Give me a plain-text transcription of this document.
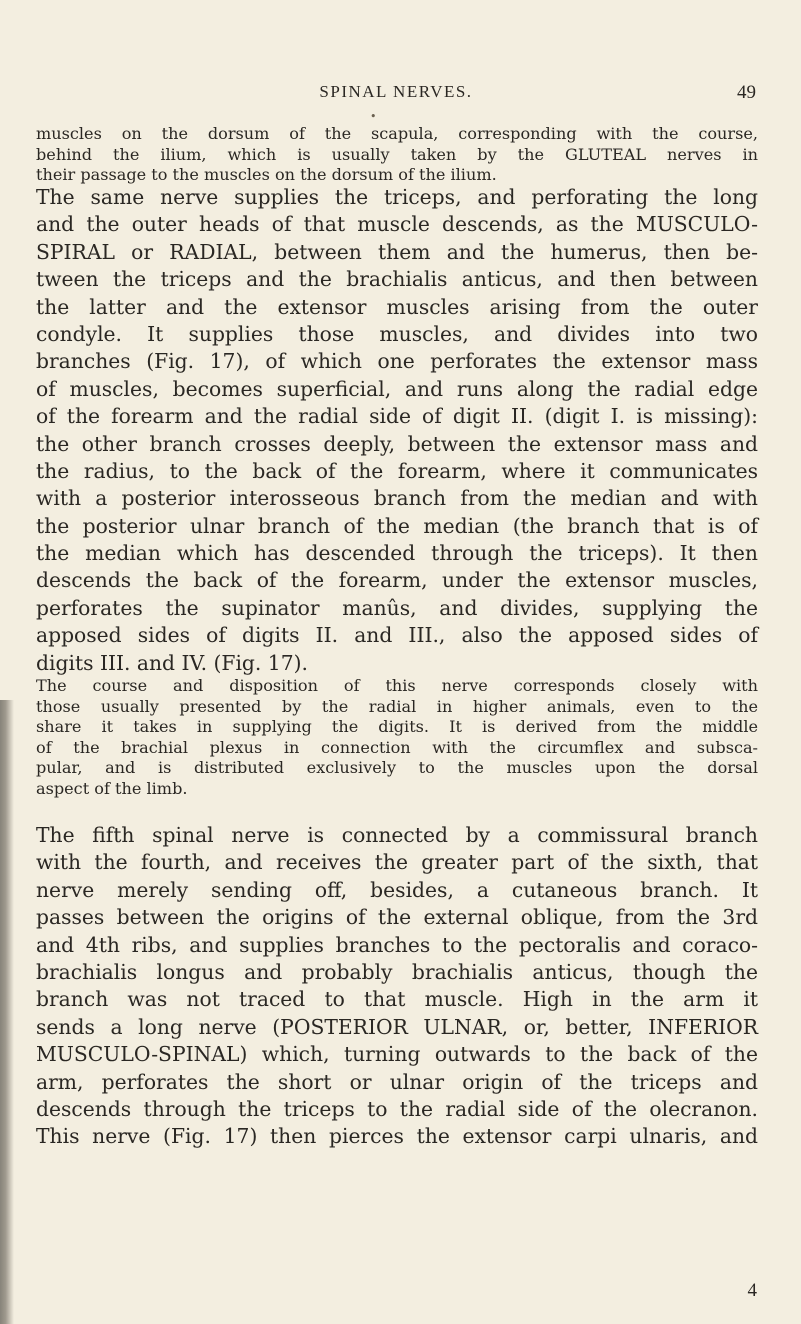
SPINAL NERVES.	49
•
muscles on the dorsum of the scapula, corresponding with the course,
behind the ilium, which is usually taken by the GLUTEAL nerves in
their passage to the muscles on the dorsum of the ilium.
The same nerve supplies the triceps, and perforating the long
and the outer heads of that muscle descends, as the MUSCULO-
SPIRAL or RADIAL, between them and the humerus, then be-
tween the triceps and the brachialis anticus, and then between
the latter and the extensor muscles arising from the outer
condyle. It supplies those muscles, and divides into two
branches (Fig. 17), of which one perforates the extensor mass
of muscles, becomes superficial, and runs along the radial edge
of the forearm and the radial side of digit II. (digit I. is missing):
the other branch crosses deeply, between the extensor mass and
the radius, to the back of the forearm, where it communicates
with a posterior interosseous branch from the median and with
the posterior ulnar branch of the median (the branch that is of
the median which has descended through the triceps). It then
descends the back of the forearm, under the extensor muscles,
perforates the supinator manûs, and divides, supplying the
apposed sides of digits II. and III., also the apposed sides of
digits III. and IV. (Fig. 17).
The course and disposition of this nerve corresponds closely with
those usually presented by the radial in higher animals, even to the
share it takes in supplying the digits. It is derived from the middle
of the brachial plexus in connection with the circumflex and subsca-
pular, and is distributed exclusively to the muscles upon the dorsal
aspect of the limb.
The fifth spinal nerve is connected by a commissural branch
with the fourth, and receives the greater part of the sixth, that
nerve merely sending off, besides, a cutaneous branch. It
passes between the origins of the external oblique, from the 3rd
and 4th ribs, and supplies branches to the pectoralis and coraco-
brachialis longus and probably brachialis anticus, though the
branch was not traced to that muscle. High in the arm it
sends a long nerve (POSTERIOR ULNAR, or, better, INFERIOR
MUSCULO-SPINAL) which, turning outwards to the back of the
arm, perforates the short or ulnar origin of the triceps and
descends through the triceps to the radial side of the olecranon.
This nerve (Fig. 17) then pierces the extensor carpi ulnaris, and
4
